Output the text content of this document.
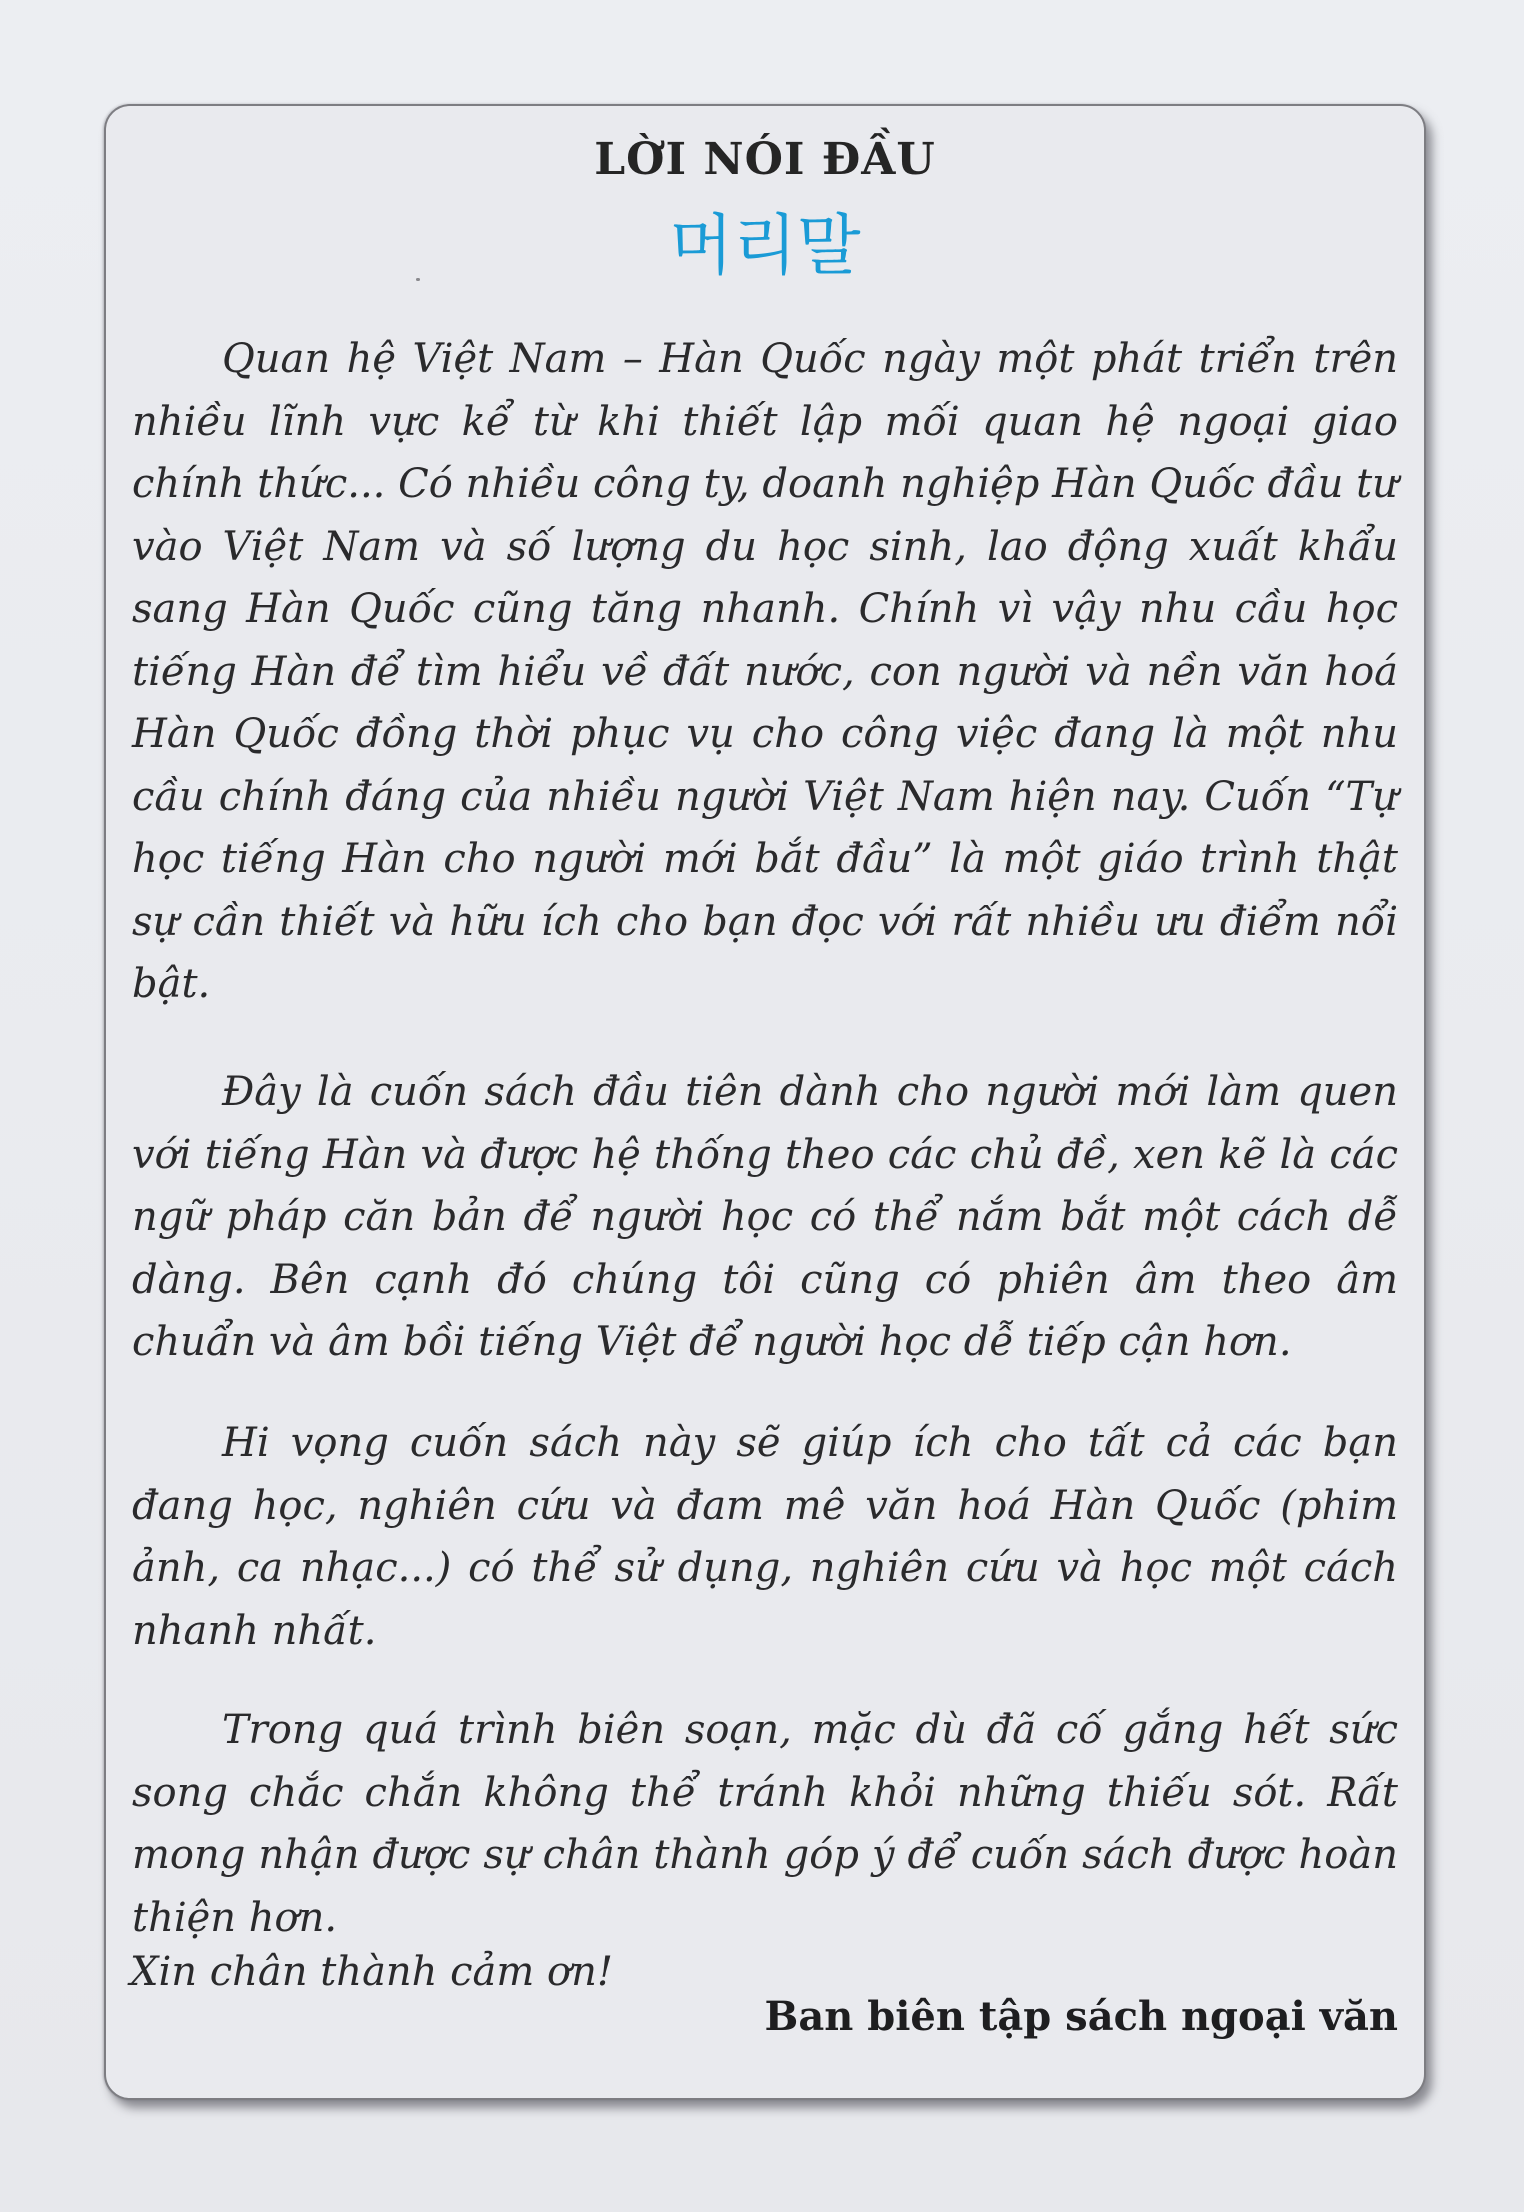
LỜI NÓI ĐẦU
머리말

Quan hệ Việt Nam – Hàn Quốc ngày một phát triển trên nhiều lĩnh vực kể từ khi thiết lập mối quan hệ ngoại giao chính thức... Có nhiều công ty, doanh nghiệp Hàn Quốc đầu tư vào Việt Nam và số lượng du học sinh, lao động xuất khẩu sang Hàn Quốc cũng tăng nhanh. Chính vì vậy nhu cầu học tiếng Hàn để tìm hiểu về đất nước, con người và nền văn hoá Hàn Quốc đồng thời phục vụ cho công việc đang là một nhu cầu chính đáng của nhiều người Việt Nam hiện nay. Cuốn “Tự học tiếng Hàn cho người mới bắt đầu” là một giáo trình thật sự cần thiết và hữu ích cho bạn đọc với rất nhiều ưu điểm nổi bật.

Đây là cuốn sách đầu tiên dành cho người mới làm quen với tiếng Hàn và được hệ thống theo các chủ đề, xen kẽ là các ngữ pháp căn bản để người học có thể nắm bắt một cách dễ dàng. Bên cạnh đó chúng tôi cũng có phiên âm theo âm chuẩn và âm bồi tiếng Việt để người học dễ tiếp cận hơn.

Hi vọng cuốn sách này sẽ giúp ích cho tất cả các bạn đang học, nghiên cứu và đam mê văn hoá Hàn Quốc (phim ảnh, ca nhạc...) có thể sử dụng, nghiên cứu và học một cách nhanh nhất.

Trong quá trình biên soạn, mặc dù đã cố gắng hết sức song chắc chắn không thể tránh khỏi những thiếu sót. Rất mong nhận được sự chân thành góp ý để cuốn sách được hoàn thiện hơn.

Xin chân thành cảm ơn!
Ban biên tập sách ngoại văn
